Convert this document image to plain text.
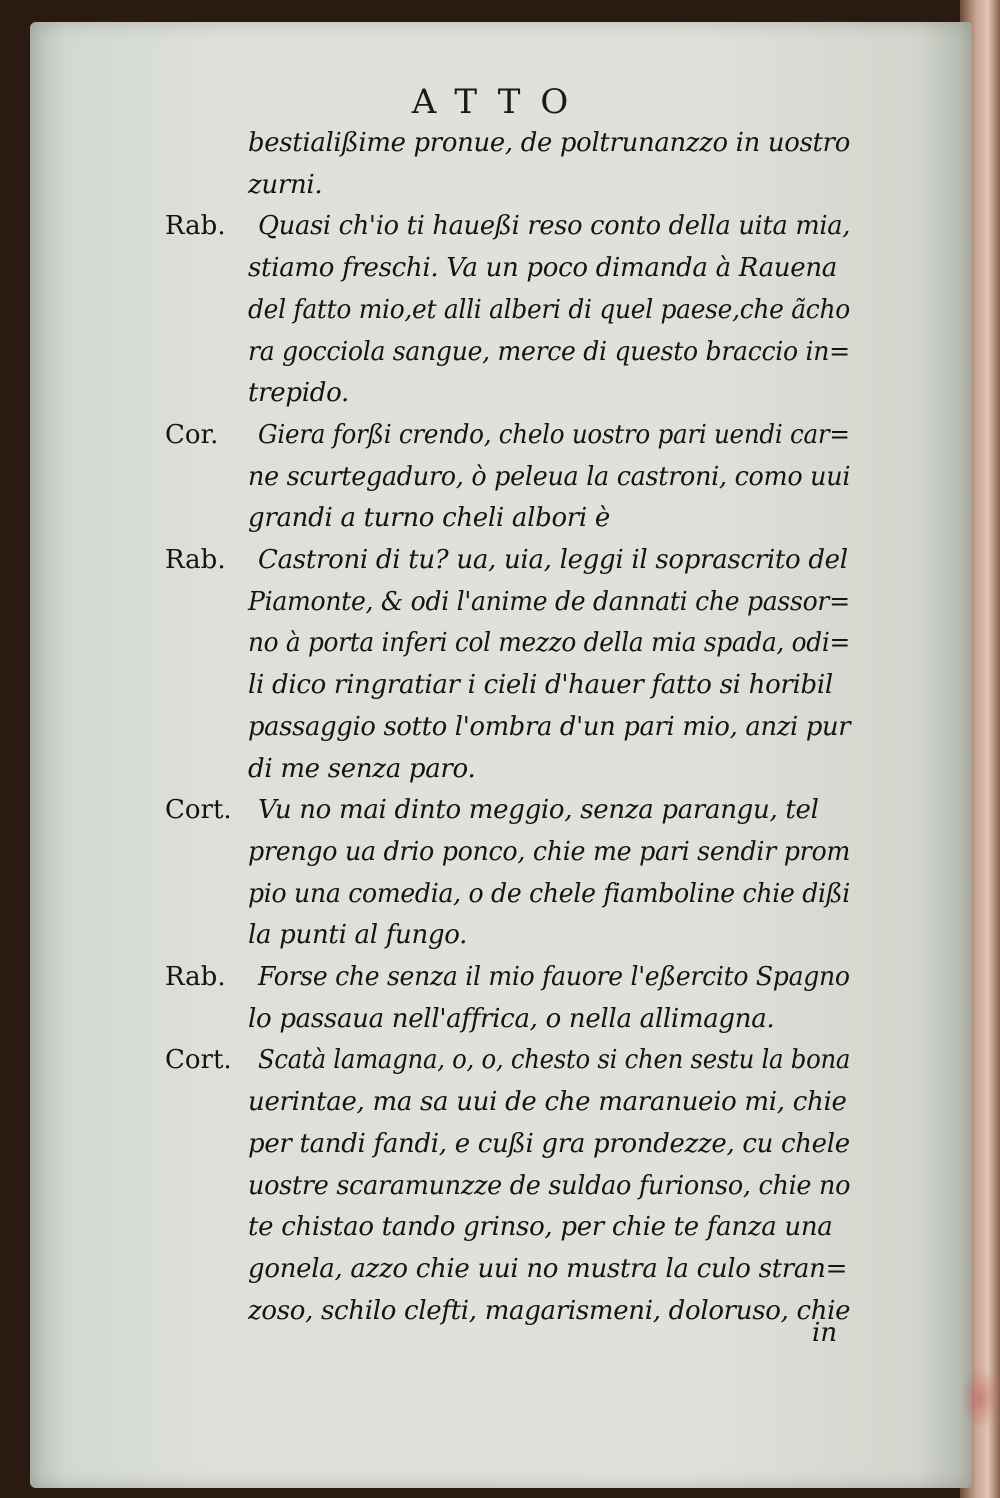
ATTO
bestialißime pronue, de poltrunanzzo in uostro
zurni.
Rab. Quasi ch'io ti haueßi reso conto della uita mia,
stiamo freschi. Va un poco dimanda à Rauena
del fatto mio,et alli alberi di quel paese,che ãcho
ra gocciola sangue, merce di questo braccio in=
trepido.
Cor. Giera forßi crendo, chelo uostro pari uendi car=
ne scurtegaduro, ò peleua la castroni, como uui
grandi a turno cheli albori è
Rab. Castroni di tu? ua, uia, leggi il soprascrito del
Piamonte, & odi l'anime de dannati che passor=
no à porta inferi col mezzo della mia spada, odi=
li dico ringratiar i cieli d'hauer fatto si horibil
passaggio sotto l'ombra d'un pari mio, anzi pur
di me senza paro.
Cort. Vu no mai dinto meggio, senza parangu, tel
prengo ua drio ponco, chie me pari sendir prom
pio una comedia, o de chele fiamboline chie dißi
la punti al fungo.
Rab. Forse che senza il mio fauore l'eßercito Spagno
lo passaua nell'affrica, o nella allimagna.
Cort. Scatà lamagna, o, o, chesto si chen sestu la bona
uerintae, ma sa uui de che maranueio mi, chie
per tandi fandi, e cußi gra prondezze, cu chele
uostre scaramunzze de suldao furionso, chie no
te chistao tando grinso, per chie te fanza una
gonela, azzo chie uui no mustra la culo stran=
zoso, schilo clefti, magarismeni, doloruso, chie
in
